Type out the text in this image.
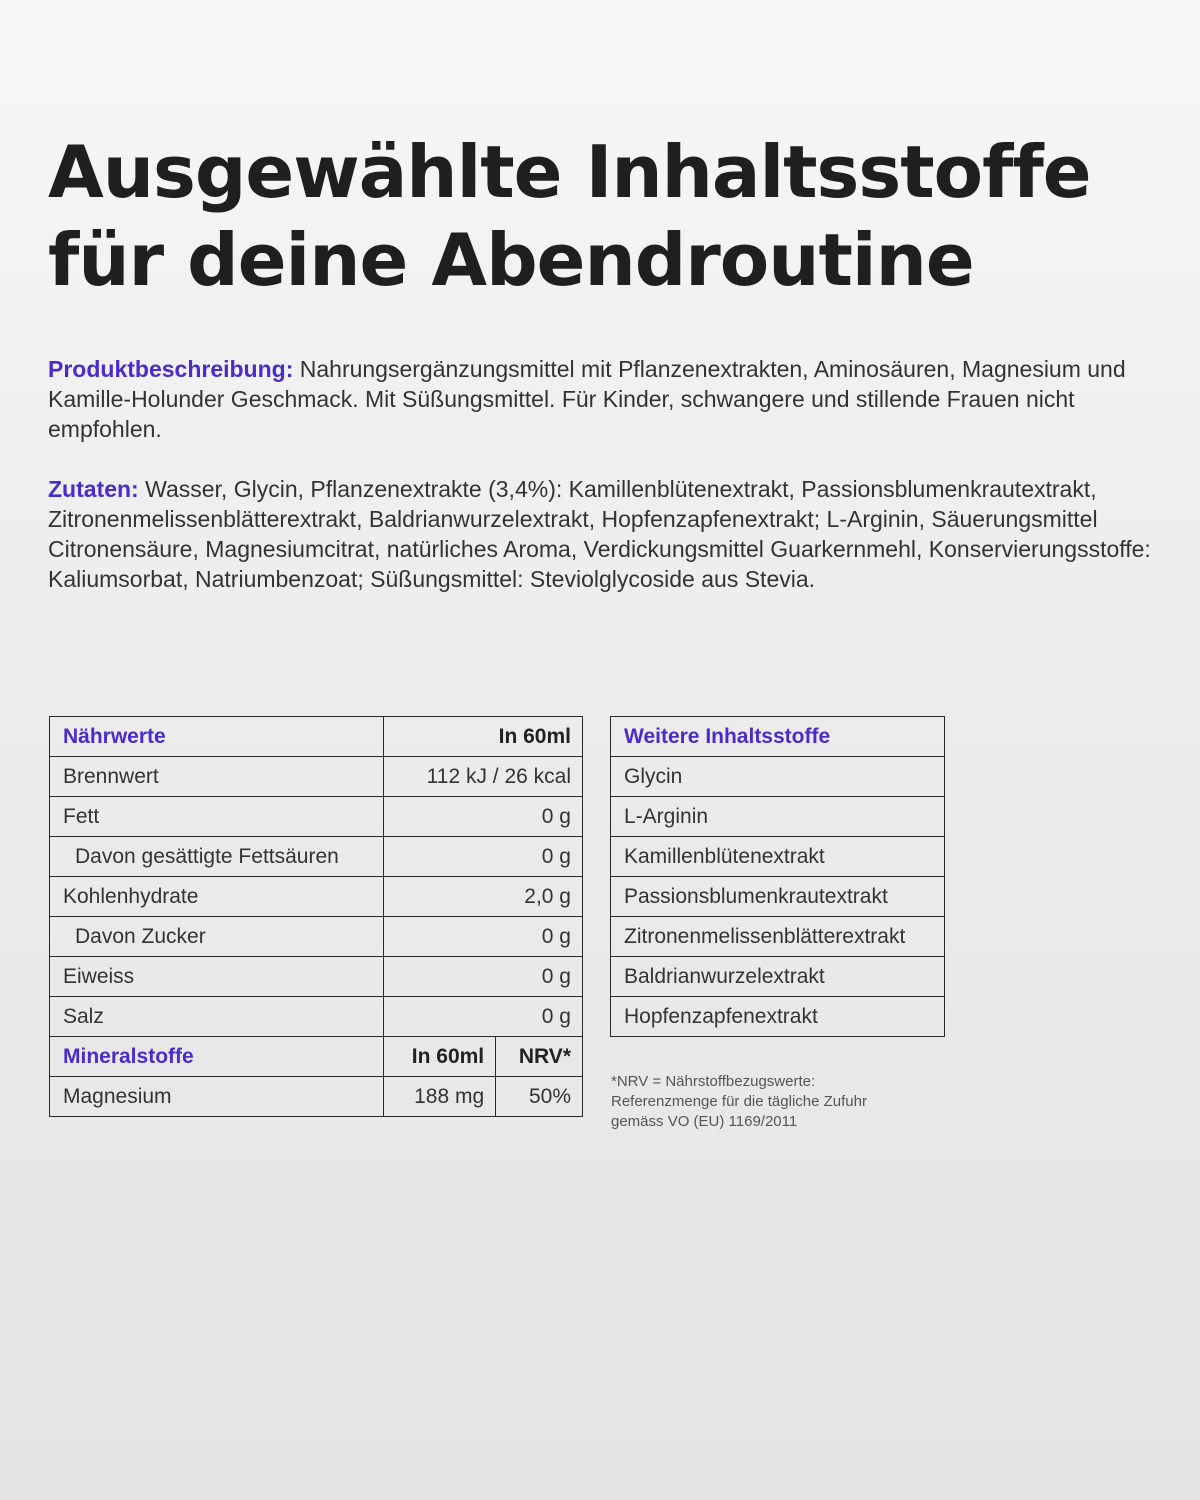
Ausgewählte Inhaltsstoffe
für deine Abendroutine

Produktbeschreibung: Nahrungsergänzungsmittel mit Pflanzenextrakten, Aminosäuren, Magnesium und Kamille-Holunder Geschmack. Mit Süßungsmittel. Für Kinder, schwangere und stillende Frauen nicht empfohlen.

Zutaten: Wasser, Glycin, Pflanzenextrakte (3,4%): Kamillenblütenextrakt, Passionsblumenkrautextrakt, Zitronenmelissenblätterextrakt, Baldrianwurzelextrakt, Hopfenzapfenextrakt; L-Arginin, Säuerungsmittel Citronensäure, Magnesiumcitrat, natürliches Aroma, Verdickungsmittel Guarkernmehl, Konservierungsstoffe: Kaliumsorbat, Natriumbenzoat; Süßungsmittel: Steviolglycoside aus Stevia.

Nährwerte	In 60ml	
Brennwert	112 kJ / 26 kcal	
Fett	0 g	
Davon gesättigte Fettsäuren	0 g	
Kohlenhydrate	2,0 g	
Davon Zucker	0 g	
Eiweiss	0 g	
Salz	0 g	
Mineralstoffe	In 60ml	NRV*
Magnesium	188 mg	50%
Weitere Inhaltsstoffe
Glycin
L-Arginin
Kamillenblütenextrakt
Passionsblumenkrautextrakt
Zitronenmelissenblätterextrakt
Baldrianwurzelextrakt
Hopfenzapfenextrakt
*NRV = Nährstoffbezugswerte:
Referenzmenge für die tägliche Zufuhr
gemäss VO (EU) 1169/2011
